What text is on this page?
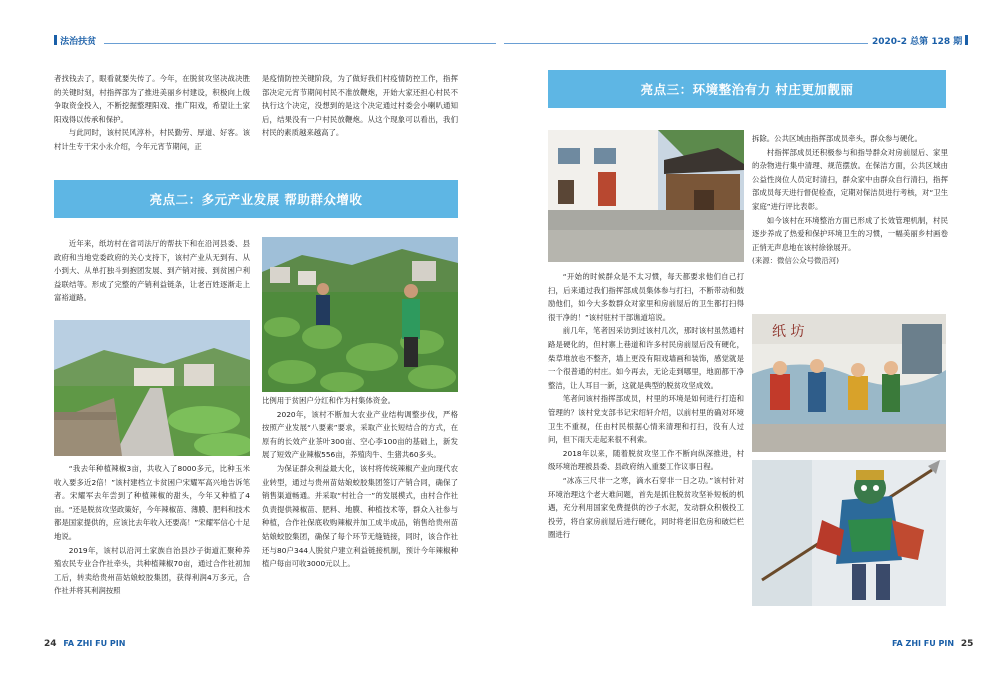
法治扶贫

者找钱去了，眼看就要失传了。今年，在脱贫攻坚决战决胜的关键时刻，村指挥部为了推进美丽乡村建设，积极向上级争取资金投入，不断挖掘整理阳戏、推广阳戏，希望让土家阳戏得以传承和保护。

与此同时，该村民风淳朴，村民勤劳、厚道、好客。该村计生专干宋小永介绍，今年元宵节期间，正

是疫情防控关键阶段，为了做好我们村疫情防控工作，指挥部决定元宵节期间村民不准放鞭炮，开始大家还担心村民不执行这个决定，没想到的是这个决定通过村委会小喇叭通知后，结果没有一户村民放鞭炮。从这个现象可以看出，我们村民的素质越来越高了。

亮点二：多元产业发展 帮助群众增收

近年来，纸坊村在省司法厅的帮扶下和在沿河县委、县政府和当地党委政府的关心支持下，该村产业从无到有、从小到大、从单打独斗到抱团发展、到产销对接、到贫困户利益联结等。形成了完整的产销利益链条，让老百姓逐渐走上富裕道路。

“我去年种植辣椒3亩，共收入了8000多元，比种玉米收入要多近2倍！”该村建档立卡贫困户宋耀军高兴地告诉笔者。宋耀军去年尝到了种植辣椒的甜头，今年又种植了4亩。“还是脱贫攻坚政策好，今年辣椒苗、薄膜、肥料和技术都是国家提供的，应该比去年收入还要高！”宋耀军信心十足地说。

2019年，该村以沿河土家族自治县沙子街道汇聚种养殖农民专业合作社牵头，共种植辣椒70亩，通过合作社初加工后，转卖给贵州苗姑娘蛟胶集团，获得利润4万多元，合作社并将其利润按照

比例用于贫困户分红和作为村集体资金。

2020年，该村不断加大农业产业结构调整步伐，严格按照产业发展“八要素”要求，采取产业长短结合的方式，在原有的长效产业茶叶300亩、空心李100亩的基础上，新发展了短效产业辣椒556亩，养殖肉牛、生猪共60多头。

为保证群众利益最大化，该村将传统辣椒产业向现代农业转型，通过与贵州苗姑娘蛟胶集团签订产销合同，确保了销售渠道畅通。并采取“村社合一”的发展模式，由村合作社负责提供辣椒苗、肥料、地膜、种植技术等，群众入社参与种植，合作社保底收购辣椒并加工成半成品，销售给贵州苗姑娘蛟胶集团，确保了每个环节无缝链接，同时，该合作社还与80户344人脱贫户建立利益链接机制，预计今年辣椒种植户每亩可收3000元以上。

24 FA ZHI FU PIN
2020-2 总第 128 期
亮点三：环境整治有力 村庄更加靓丽

拆除。公共区域由指挥部成员牵头，群众参与硬化。

村指挥部成员还积极参与和指导群众对房前屋后、家里的杂物进行集中清理、规范摆放。在保洁方面，公共区域由公益性岗位人员定时清扫，群众家中由群众自行清扫，指挥部成员每天进行督促检查，定期对保洁员进行考核，对“卫生家庭”进行评比表彰。

如今该村在环境整治方面已形成了长效管理机制，村民逐步养成了热爱和保护环境卫生的习惯，一幅美丽乡村画卷正悄无声息地在该村徐徐展开。

(来源：微信公众号微沿河)

“开始的时候群众是不太习惯，每天都要求他们自己打扫，后来通过我们指挥部成员集体参与打扫，不断带动和鼓励他们，如今大多数群众对家里和房前屋后的卫生都打扫得很干净的！”该村驻村干部谯道培说。

前几年，笔者因采访到过该村几次，那时该村虽然通村路是硬化的，但村寨上巷道和许多村民房前屋后没有硬化，柴草堆放也不整齐，墙上更没有阳戏墙画和装饰，感觉就是一个很普通的村庄。如今再去，无论走到哪里，地面都干净整洁，让人耳目一新，这就是典型的脱贫攻坚成效。

笔者问该村指挥部成员，村里的环境是如何进行打造和管理的？该村党支部书记宋绍轩介绍，以前村里的确对环境卫生不重视，任由村民根据心情来清理和打扫，没有人过问，但下雨天走起来很不利索。

2018年以来，随着脱贫攻坚工作不断向纵深推进，村级环境治理被县委、县政府纳入重要工作议事日程。

“冰冻三尺非一之寒，滴水石穿非一日之功。”该村针对环境治理这个老大难问题，首先是抓住脱贫攻坚补短板的机遇，充分利用国家免费提供的沙子水泥，发动群众积极投工投劳，将自家房前屋后进行硬化，同时将老旧危房和破烂栏圈进行

纸 坊
FA ZHI FU PIN 25
